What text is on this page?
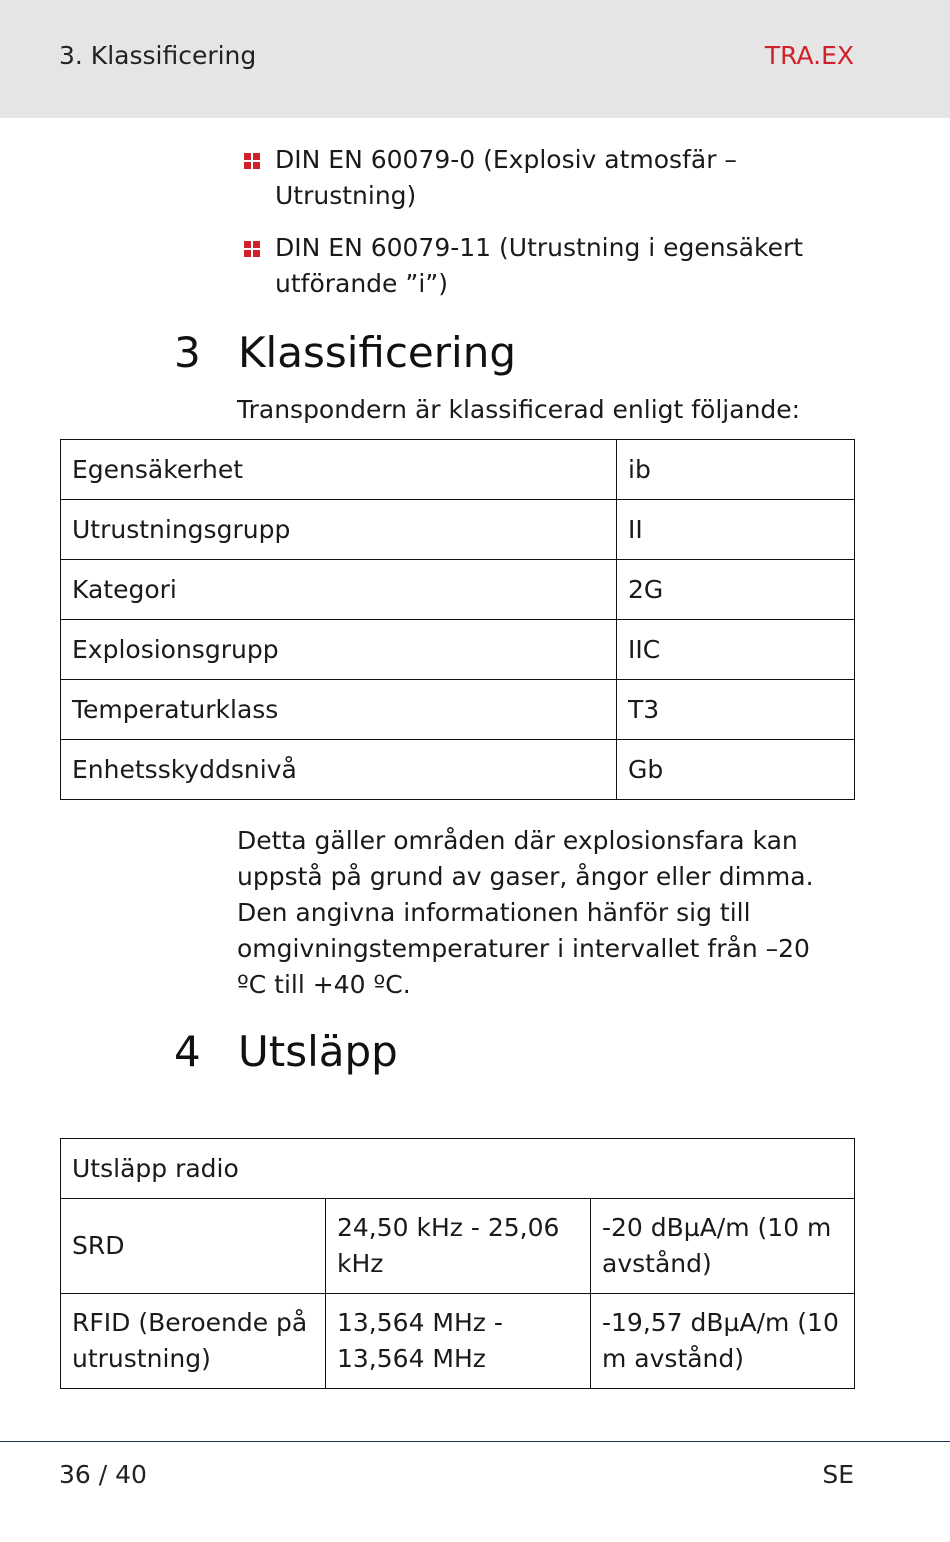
3. Klassificering	TRA.EX
DIN EN 60079-0 (Explosiv atmosfär – Utrustning)
DIN EN 60079-11 (Utrustning i egensäkert utförande ”i”)
3 Klassificering
Transpondern är klassificerad enligt följande:
Egensäkerhet	ib
Utrustningsgrupp	II
Kategori	2G
Explosionsgrupp	IIC
Temperaturklass	T3
Enhetsskyddsnivå	Gb
Detta gäller områden där explosionsfara kan uppstå på grund av gaser, ångor eller dimma. Den angivna informationen hänför sig till omgivningstemperaturer i intervallet från –20 ºC till +40 ºC.
4 Utsläpp
Utsläpp radio		
SRD	24,50 kHz - 25,06 kHz	-20 dBµA/m (10 m avstånd)
RFID (Beroende på utrustning)	13,564 MHz - 13,564 MHz	-19,57 dBµA/m (10 m avstånd)
36 / 40	SE
